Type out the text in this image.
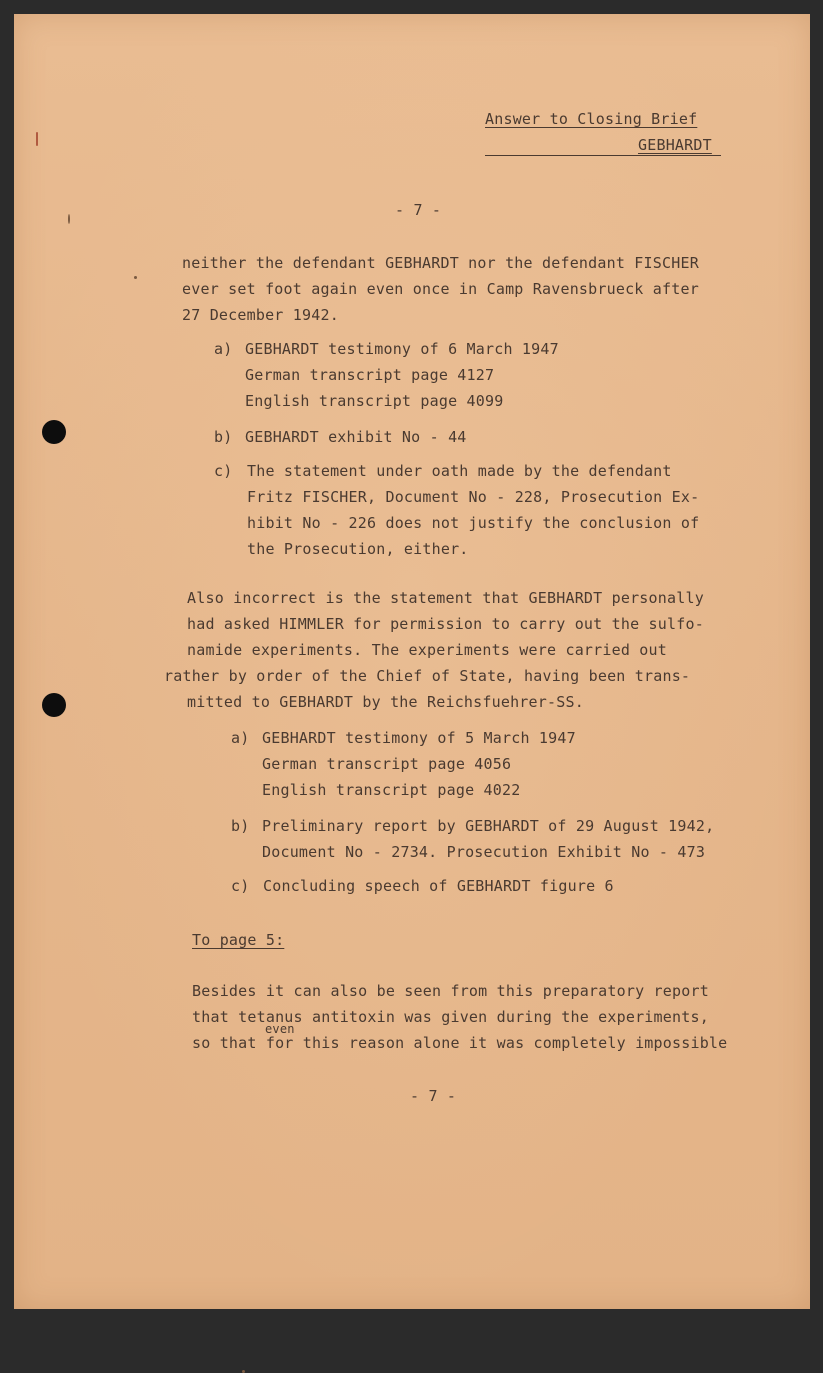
Answer to Closing Brief
GEBHARDT
- 7 -
neither the defendant GEBHARDT nor the defendant FISCHER
ever set foot again even once in Camp Ravensbrueck after
27 December 1942.
a) GEBHARDT testimony of 6 March 1947
German transcript page 4127
English transcript page 4099
b) GEBHARDT exhibit No - 44
c) The statement under oath made by the defendant
Fritz FISCHER, Document No - 228, Prosecution Ex-
hibit No - 226 does not justify the conclusion of
the Prosecution, either.
Also incorrect is the statement that GEBHARDT personally
had asked HIMMLER for permission to carry out the sulfo-
namide experiments. The experiments were carried out
rather by order of the Chief of State, having been trans-
mitted to GEBHARDT by the Reichsfuehrer-SS.
a) GEBHARDT testimony of 5 March 1947
German transcript page 4056
English transcript page 4022
b) Preliminary report by GEBHARDT of 29 August 1942,
Document No - 2734. Prosecution Exhibit No - 473
c) Concluding speech of GEBHARDT figure 6
To page 5:
Besides it can also be seen from this preparatory report
that tetanus antitoxin was given during the experiments,
even
so that for this reason alone it was completely impossible
- 7 -
